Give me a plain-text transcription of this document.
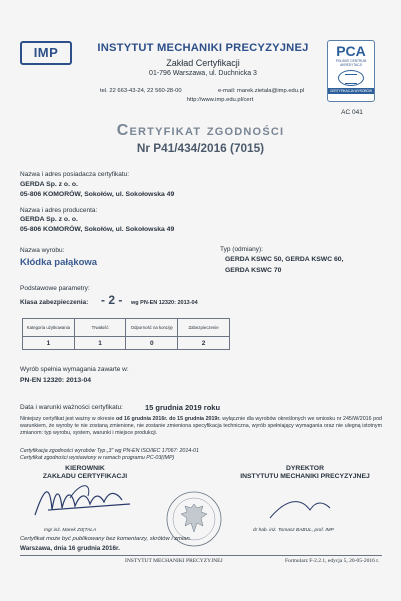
IMP	INSTYTUT MECHANIKI PRECYZYJNEJ
Zakład Certyfikacji
01-796 Warszawa, ul. Duchnicka 3
tel. 22 663-43-24, 22 560-28-00	e-mail: marek.zietala@imp.edu.pl
http://www.imp.edu.pl/cert
PCA
POLSKIE CENTRUM AKREDYTACJI
CERTYFIKACJA WYROBÓW
AC 041
Certyfikat zgodności
Nr P41/434/2016 (7015)
Nazwa i adres posiadacza certyfikatu:
GERDA Sp. z o. o.
05-806 KOMORÓW, Sokołów, ul. Sokołowska 49
Nazwa i adres producenta:
GERDA Sp. z o. o.
05-806 KOMORÓW, Sokołów, ul. Sokołowska 49
Nazwa wyrobu:
Kłódka pałąkowa
Typ (odmiany):
GERDA KSWC 50, GERDA KSWC 60,
GERDA KSWC 70
Podstawowe parametry:
Klasa zabezpieczenia: - 2 - wg PN-EN 12320: 2013-04
Kategoria użytkowania	Trwałość	Odporność na korozję	Zabezpieczenie
1	1	0	2
Wyrób spełnia wymagania zawarte w:
PN-EN 12320: 2013-04
Data i warunki ważności certyfikatu:	15 grudnia 2019 roku
Niniejszy certyfikat jest ważny w okresie od 16 grudnia 2016r. do 15 grudnia 2019r. wyłącznie dla wyrobów określonych we wniosku nr 245/W/2016 pod warunkiem, że wyroby te nie zostaną zmienione, nie zostanie zmieniona specyfikacja techniczna, wyrób spełniający wymagania oraz nie ulegną istotnym zmianom: typ wyrobu, system, warunki i miejsce produkcji.
Certyfikacja zgodności wyrobów Typ „3” wg PN-EN ISO/IEC 17067: 2014-01
Certyfikat zgodności wystawiony w ramach programu PC-03(IMP)
KIEROWNIK
ZAKŁADU CERTYFIKACJI
mgr inż. Marek ZIĘTALA
DYREKTOR
INSTYTUTU MECHANIKI PRECYZYJNEJ
dr hab. inż. Tomasz BABUL, prof. IMP
Certyfikat może być publikowany bez komentarzy, skrótów i zmian.
Warszawa, dnia 16 grudnia 2016r.
INSTYTUT MECHANIKI PRECYZYJNEJ	Formularz F-2.2.1, edycja 5, 20-05-2016 r.
